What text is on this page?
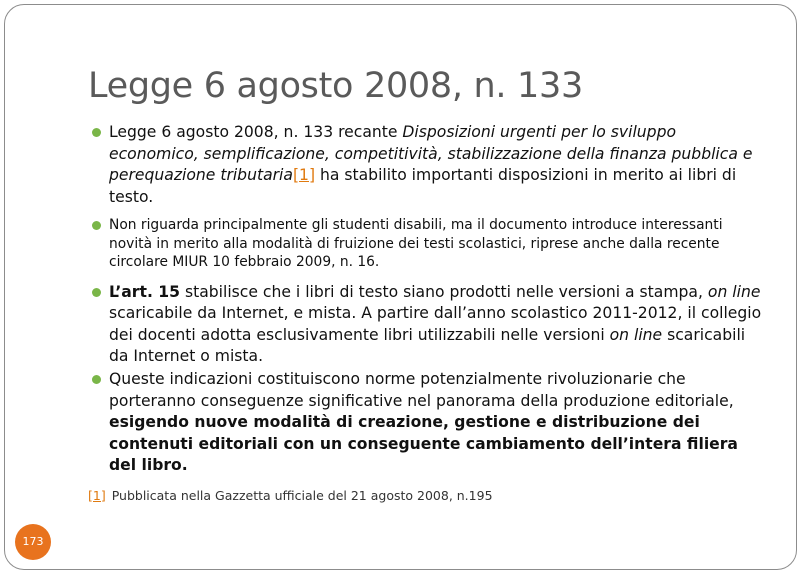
Legge 6 agosto 2008, n. 133
Legge 6 agosto 2008, n. 133 recante Disposizioni urgenti per lo sviluppo economico, semplificazione, competitività, stabilizzazione della finanza pubblica e perequazione tributaria[1] ha stabilito importanti disposizioni in merito ai libri di testo.
Non riguarda principalmente gli studenti disabili, ma il documento introduce interessanti novità in merito alla modalità di fruizione dei testi scolastici, riprese anche dalla recente circolare MIUR 10 febbraio 2009, n. 16.
L’art. 15 stabilisce che i libri di testo siano prodotti nelle versioni a stampa, on line scaricabile da Internet, e mista. A partire dall’anno scolastico 2011-2012, il collegio dei docenti adotta esclusivamente libri utilizzabili nelle versioni on line scaricabili da Internet o mista.
Queste indicazioni costituiscono norme potenzialmente rivoluzionarie che porteranno conseguenze significative nel panorama della produzione editoriale, esigendo nuove modalità di creazione, gestione e distribuzione dei contenuti editoriali con un conseguente cambiamento dell’intera filiera del libro.
[1] Pubblicata nella Gazzetta ufficiale del 21 agosto 2008, n.195
173
